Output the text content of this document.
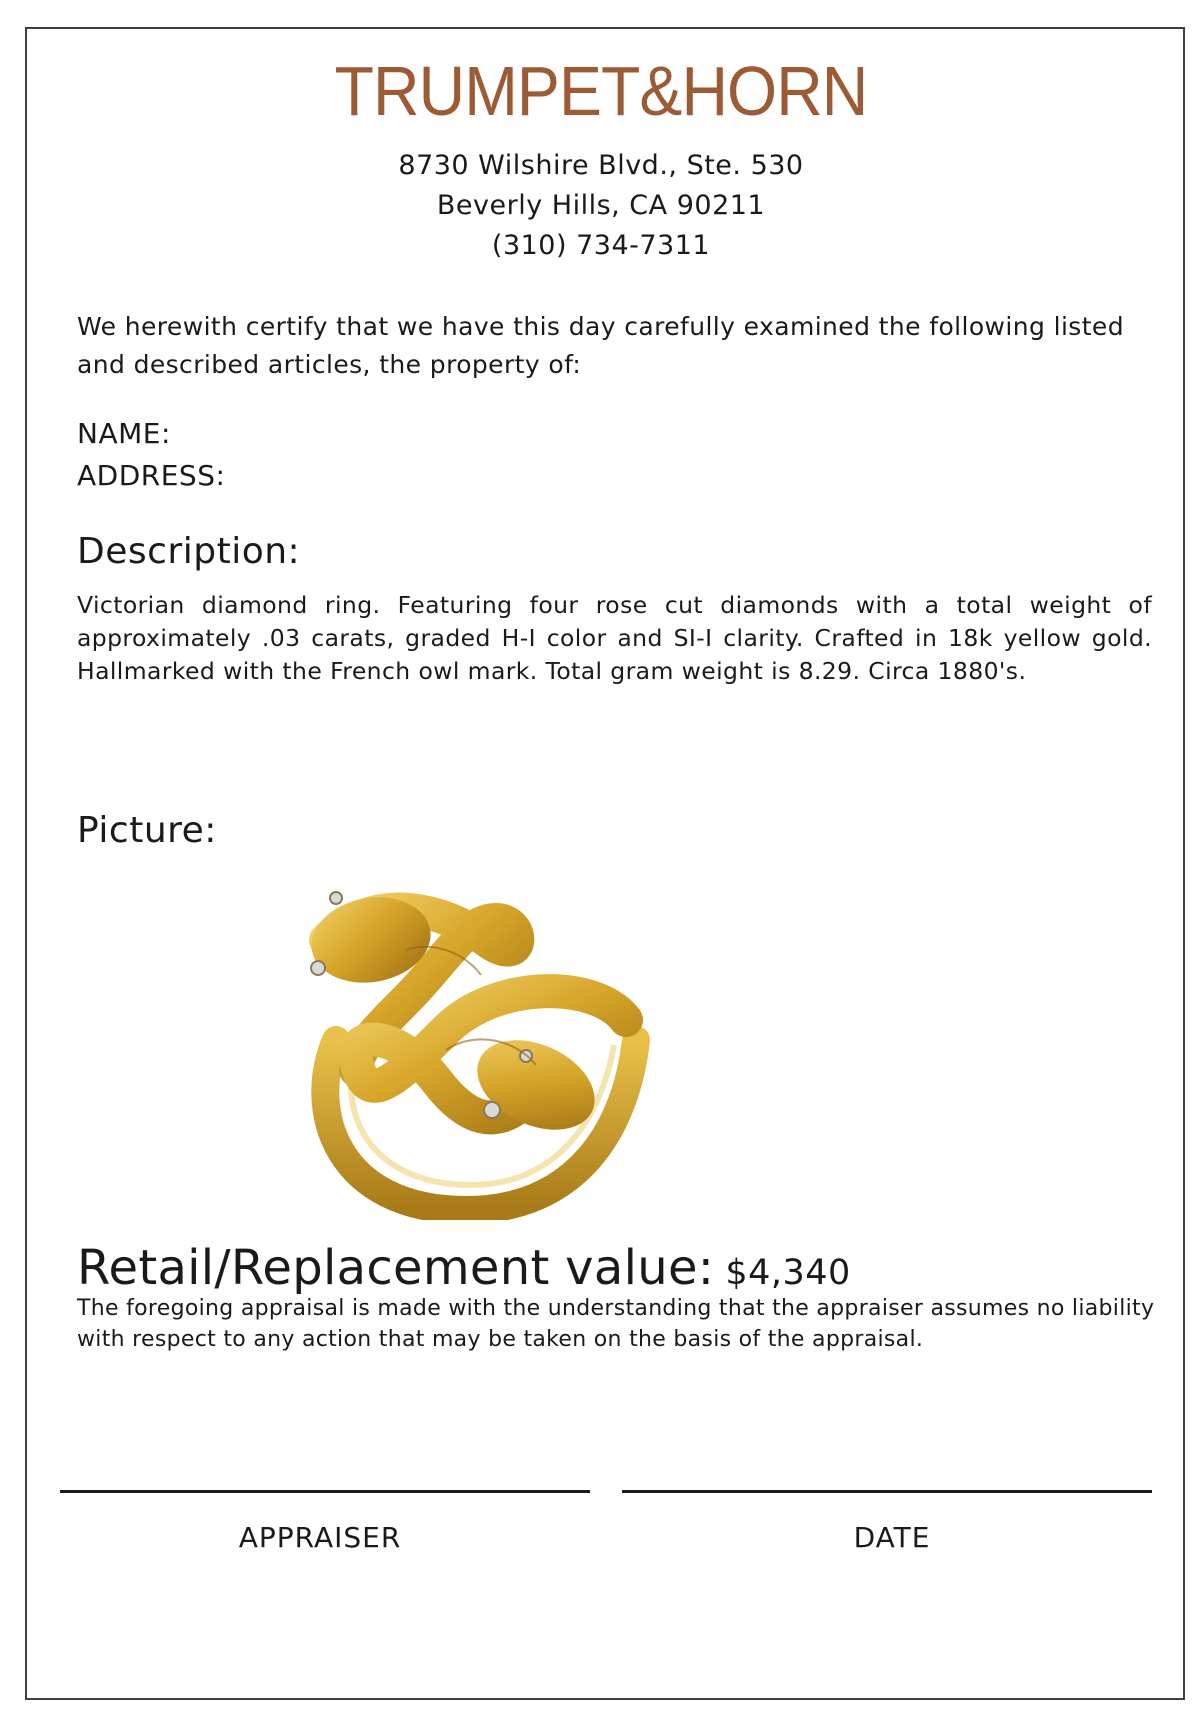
TRUMPET&HORN
8730 Wilshire Blvd., Ste. 530
Beverly Hills, CA 90211
(310) 734-7311
We herewith certify that we have this day carefully examined the following listed and described articles, the property of:
NAME:
ADDRESS:
Description:
Victorian diamond ring. Featuring four rose cut diamonds with a total weight of approximately .03 carats, graded H-I color and SI-I clarity. Crafted in 18k yellow gold. Hallmarked with the French owl mark. Total gram weight is 8.29. Circa 1880's.
Picture:
Retail/Replacement value: $4,340
The foregoing appraisal is made with the understanding that the appraiser assumes no liability with respect to any action that may be taken on the basis of the appraisal.
APPRAISER	DATE
